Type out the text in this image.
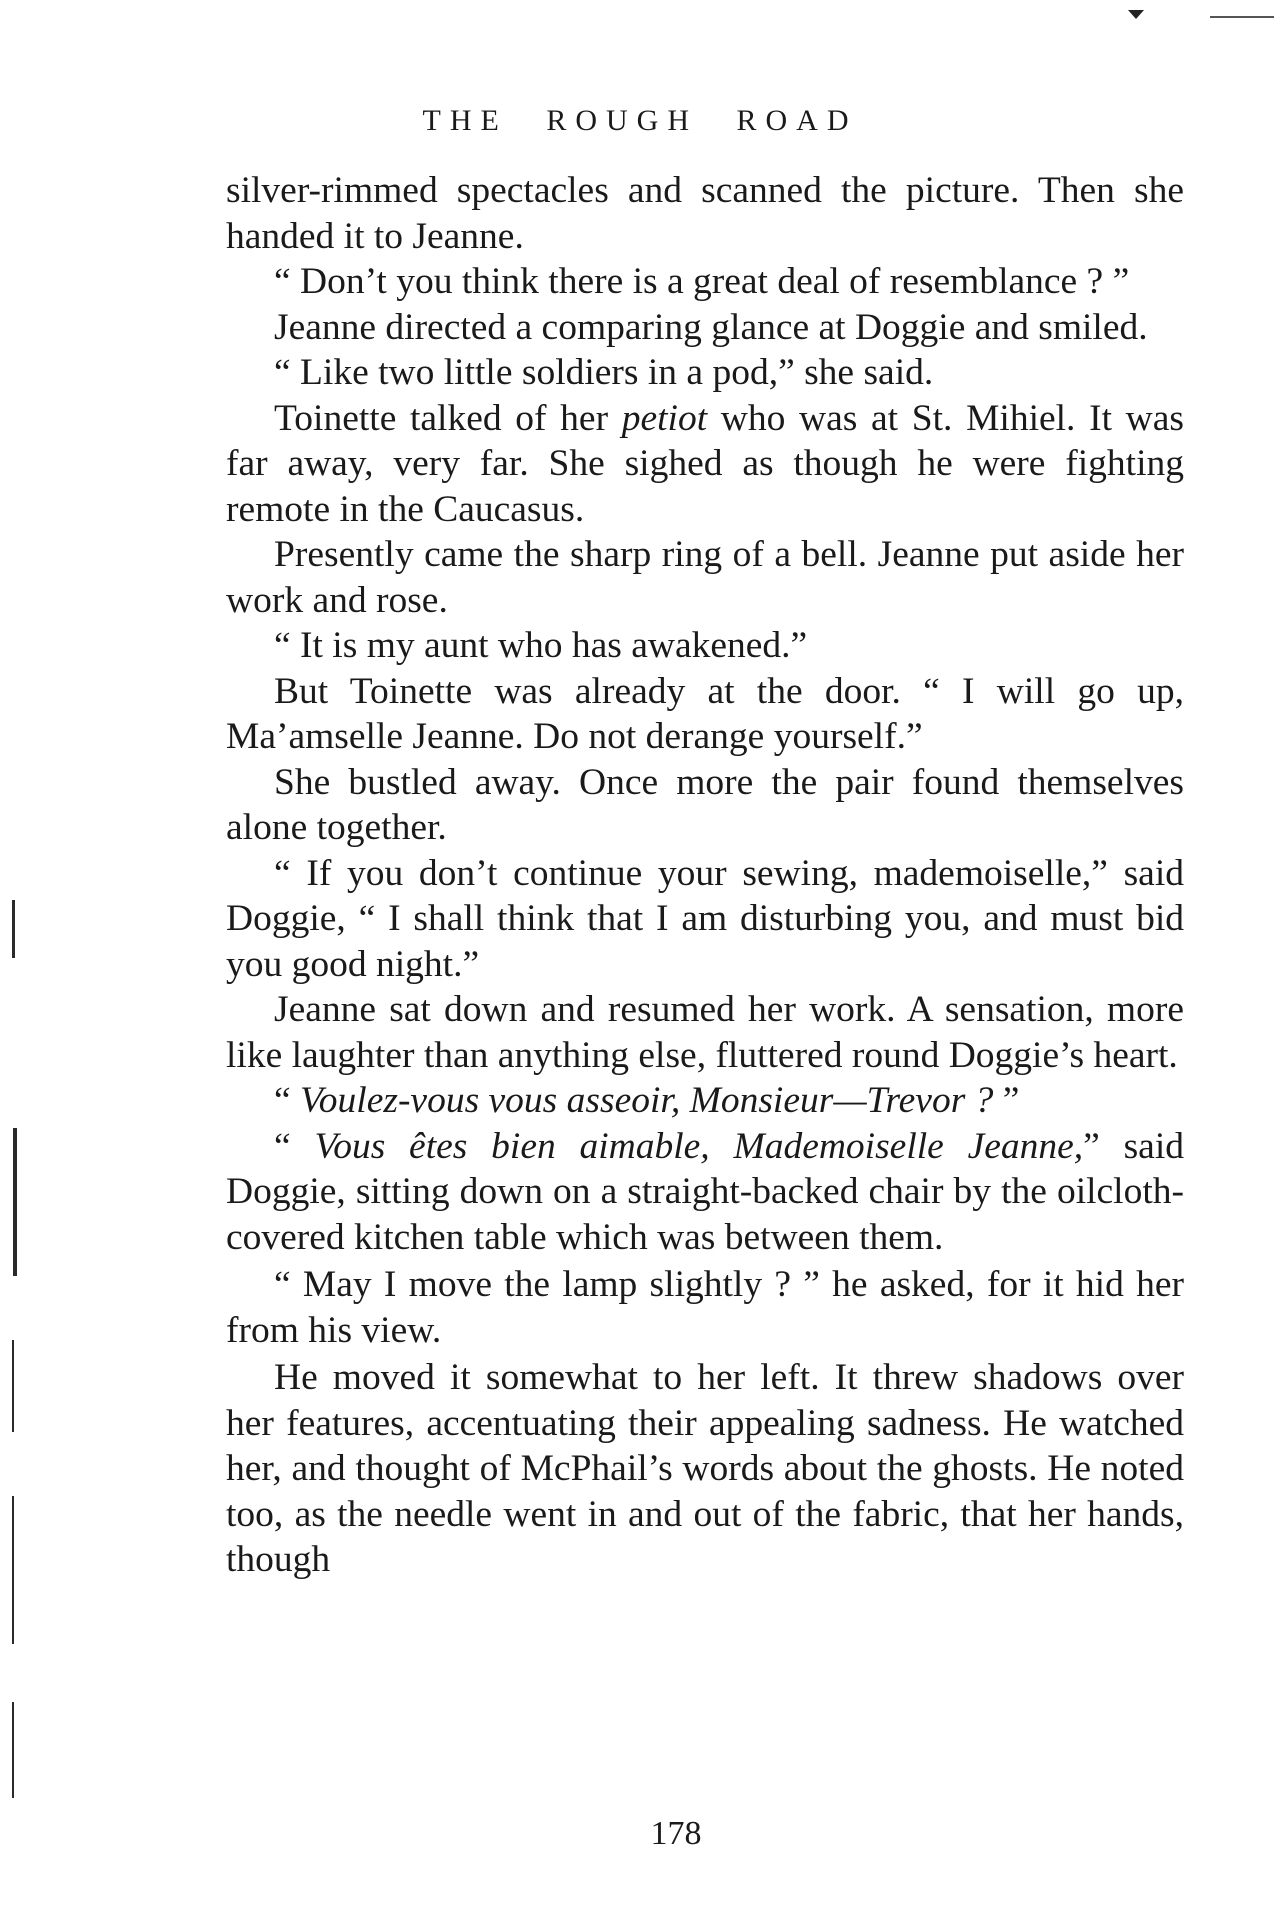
THE ROUGH ROAD

silver-rimmed spectacles and scanned the picture. Then she handed it to Jeanne.

“ Don’t you think there is a great deal of resemblance ? ”

Jeanne directed a comparing glance at Doggie and smiled.

“ Like two little soldiers in a pod,” she said.

Toinette talked of her petiot who was at St. Mihiel. It was far away, very far. She sighed as though he were fighting remote in the Caucasus.

Presently came the sharp ring of a bell. Jeanne put aside her work and rose.

“ It is my aunt who has awakened.”

But Toinette was already at the door. “ I will go up, Ma’amselle Jeanne. Do not derange yourself.”

She bustled away. Once more the pair found themselves alone together.

“ If you don’t continue your sewing, mademoiselle,” said Doggie, “ I shall think that I am disturbing you, and must bid you good night.”

Jeanne sat down and resumed her work. A sensation, more like laughter than anything else, fluttered round Doggie’s heart.

“ Voulez-vous vous asseoir, Monsieur—Trevor ? ”

“ Vous êtes bien aimable, Mademoiselle Jeanne,” said Doggie, sitting down on a straight-backed chair by the oilcloth-covered kitchen table which was between them.

“ May I move the lamp slightly ? ” he asked, for it hid her from his view.

He moved it somewhat to her left. It threw shadows over her features, accentuating their appealing sadness. He watched her, and thought of McPhail’s words about the ghosts. He noted too, as the needle went in and out of the fabric, that her hands, though

178
